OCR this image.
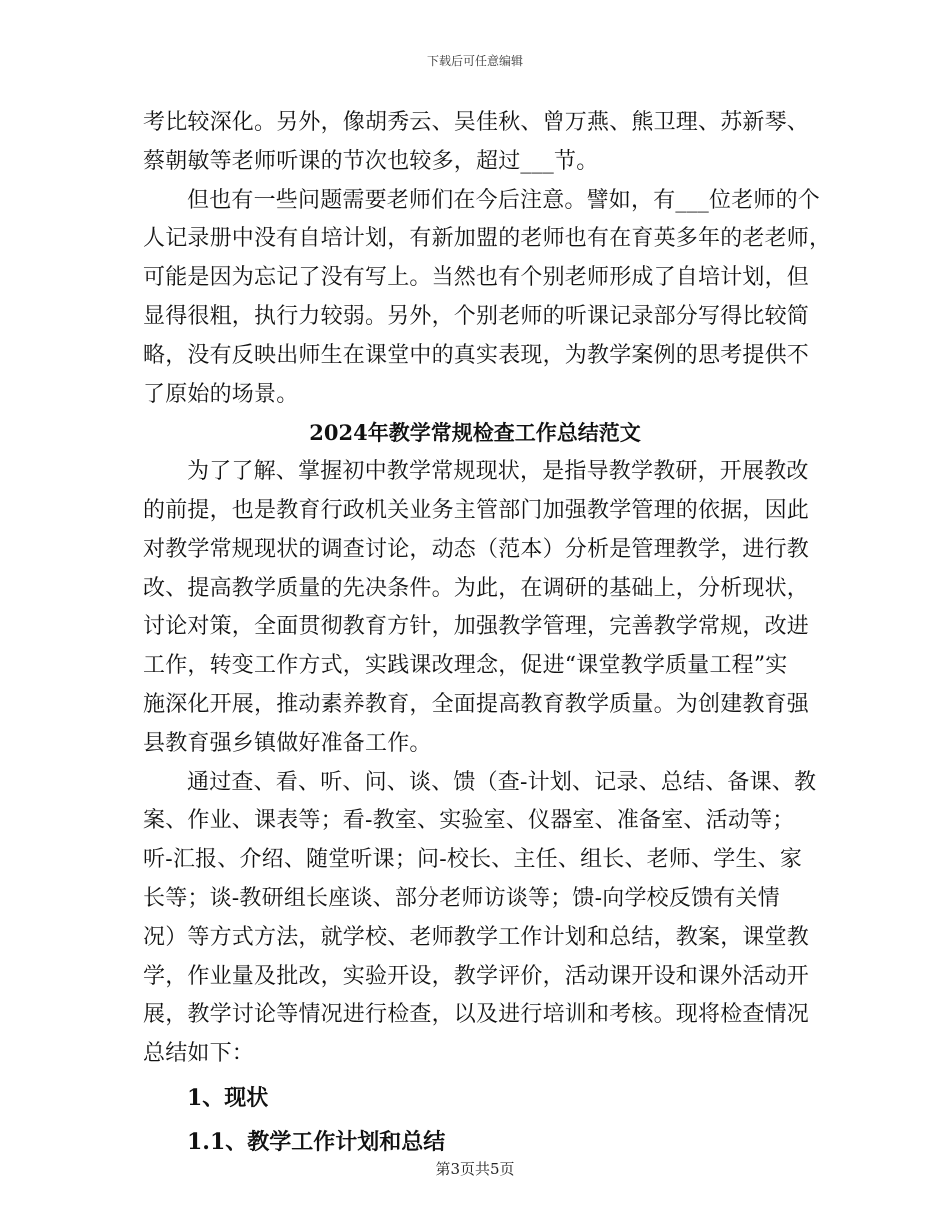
下载后可任意编辑
考比较深化。另外，像胡秀云、吴佳秋、曾万燕、熊卫理、苏新琴、
蔡朝敏等老师听课的节次也较多，超过___节。
但也有一些问题需要老师们在今后注意。譬如，有___位老师的个
人记录册中没有自培计划，有新加盟的老师也有在育英多年的老老师，
可能是因为忘记了没有写上。当然也有个别老师形成了自培计划，但
显得很粗，执行力较弱。另外，个别老师的听课记录部分写得比较简
略，没有反映出师生在课堂中的真实表现，为教学案例的思考提供不
了原始的场景。
2024年教学常规检查工作总结范文
为了了解、掌握初中教学常规现状，是指导教学教研，开展教改
的前提，也是教育行政机关业务主管部门加强教学管理的依据，因此
对教学常规现状的调查讨论，动态（范本）分析是管理教学，进行教
改、提高教学质量的先决条件。为此，在调研的基础上，分析现状，
讨论对策，全面贯彻教育方针，加强教学管理，完善教学常规，改进
工作，转变工作方式，实践课改理念，促进“课堂教学质量工程”实
施深化开展，推动素养教育，全面提高教育教学质量。为创建教育强
县教育强乡镇做好准备工作。
通过查、看、听、问、谈、馈（查-计划、记录、总结、备课、教
案、作业、课表等；看-教室、实验室、仪器室、准备室、活动等；
听-汇报、介绍、随堂听课；问-校长、主任、组长、老师、学生、家
长等；谈-教研组长座谈、部分老师访谈等；馈-向学校反馈有关情
况）等方式方法，就学校、老师教学工作计划和总结，教案，课堂教
学，作业量及批改，实验开设，教学评价，活动课开设和课外活动开
展，教学讨论等情况进行检查，以及进行培训和考核。现将检查情况
总结如下：
1、现状
1.1、教学工作计划和总结
第3页共5页
